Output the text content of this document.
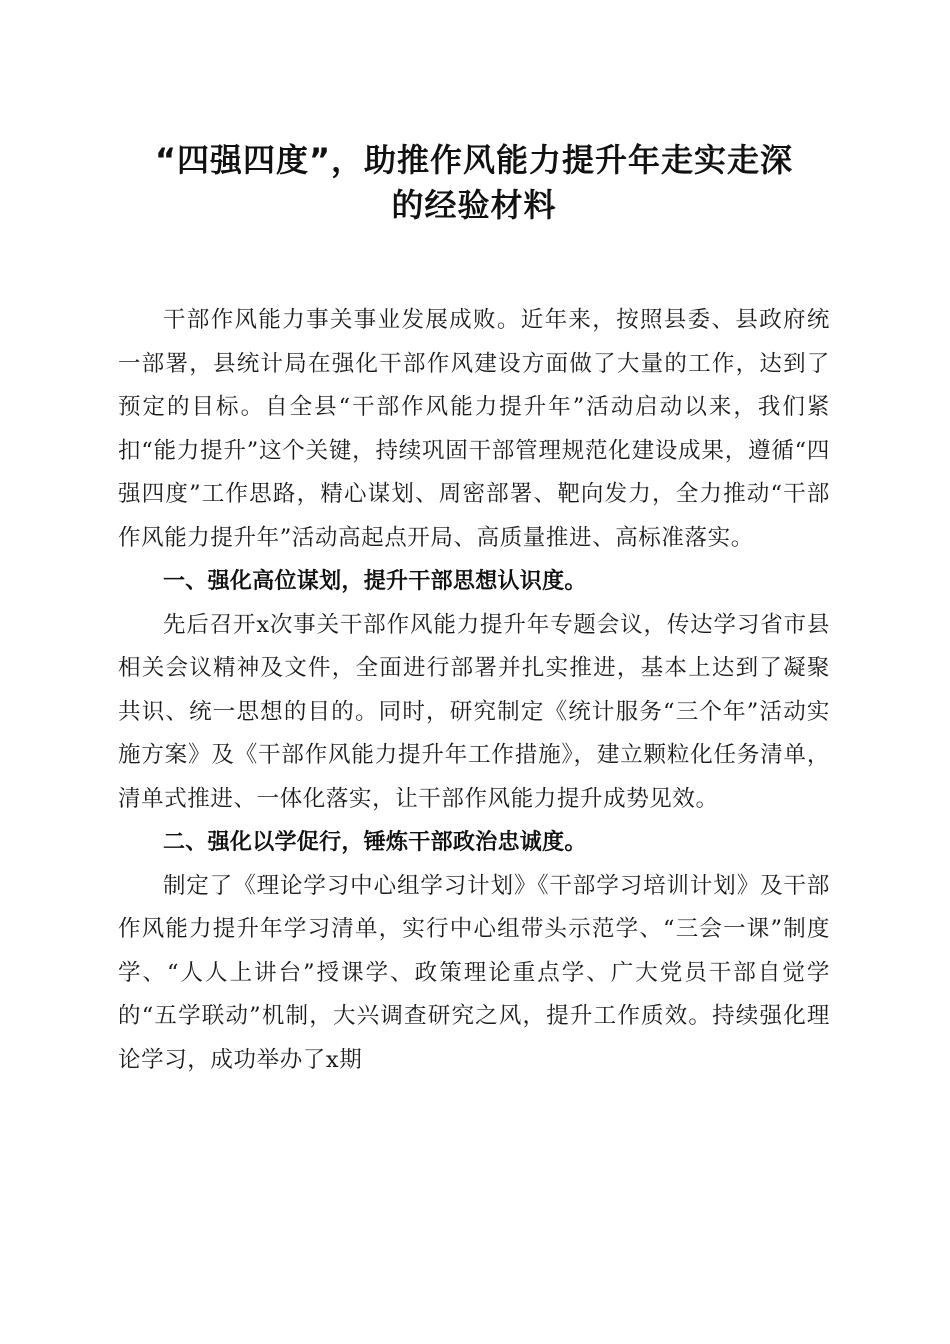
“四强四度”，助推作风能力提升年走实走深
的经验材料

干部作风能力事关事业发展成败。近年来，按照县委、县政府统一部署，县统计局在强化干部作风建设方面做了大量的工作，达到了预定的目标。自全县“干部作风能力提升年”活动启动以来，我们紧扣“能力提升”这个关键，持续巩固干部管理规范化建设成果，遵循“四强四度”工作思路，精心谋划、周密部署、靶向发力，全力推动“干部作风能力提升年”活动高起点开局、高质量推进、高标准落实。

一、强化高位谋划，提升干部思想认识度。

先后召开x次事关干部作风能力提升年专题会议，传达学习省市县相关会议精神及文件，全面进行部署并扎实推进，基本上达到了凝聚共识、统一思想的目的。同时，研究制定《统计服务“三个年”活动实施方案》及《干部作风能力提升年工作措施》，建立颗粒化任务清单，清单式推进、一体化落实，让干部作风能力提升成势见效。

二、强化以学促行，锤炼干部政治忠诚度。

制定了《理论学习中心组学习计划》《干部学习培训计划》及干部作风能力提升年学习清单，实行中心组带头示范学、“三会一课”制度学、“人人上讲台”授课学、政策理论重点学、广大党员干部自觉学的“五学联动”机制，大兴调查研究之风，提升工作质效。持续强化理论学习，成功举办了x期
